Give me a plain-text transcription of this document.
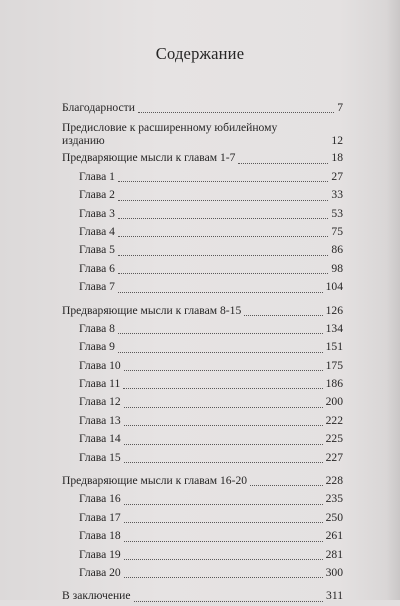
Содержание
Благодарности	7
Предисловие к расширенному юбилейному
изданию	12
Предваряющие мысли к главам 1-7	18
Глава 1	27
Глава 2	33
Глава 3	53
Глава 4	75
Глава 5	86
Глава 6	98
Глава 7	104
Предваряющие мысли к главам 8-15	126
Глава 8	134
Глава 9	151
Глава 10	175
Глава 11	186
Глава 12	200
Глава 13	222
Глава 14	225
Глава 15	227
Предваряющие мысли к главам 16-20	228
Глава 16	235
Глава 17	250
Глава 18	261
Глава 19	281
Глава 20	300
В заключение	311
